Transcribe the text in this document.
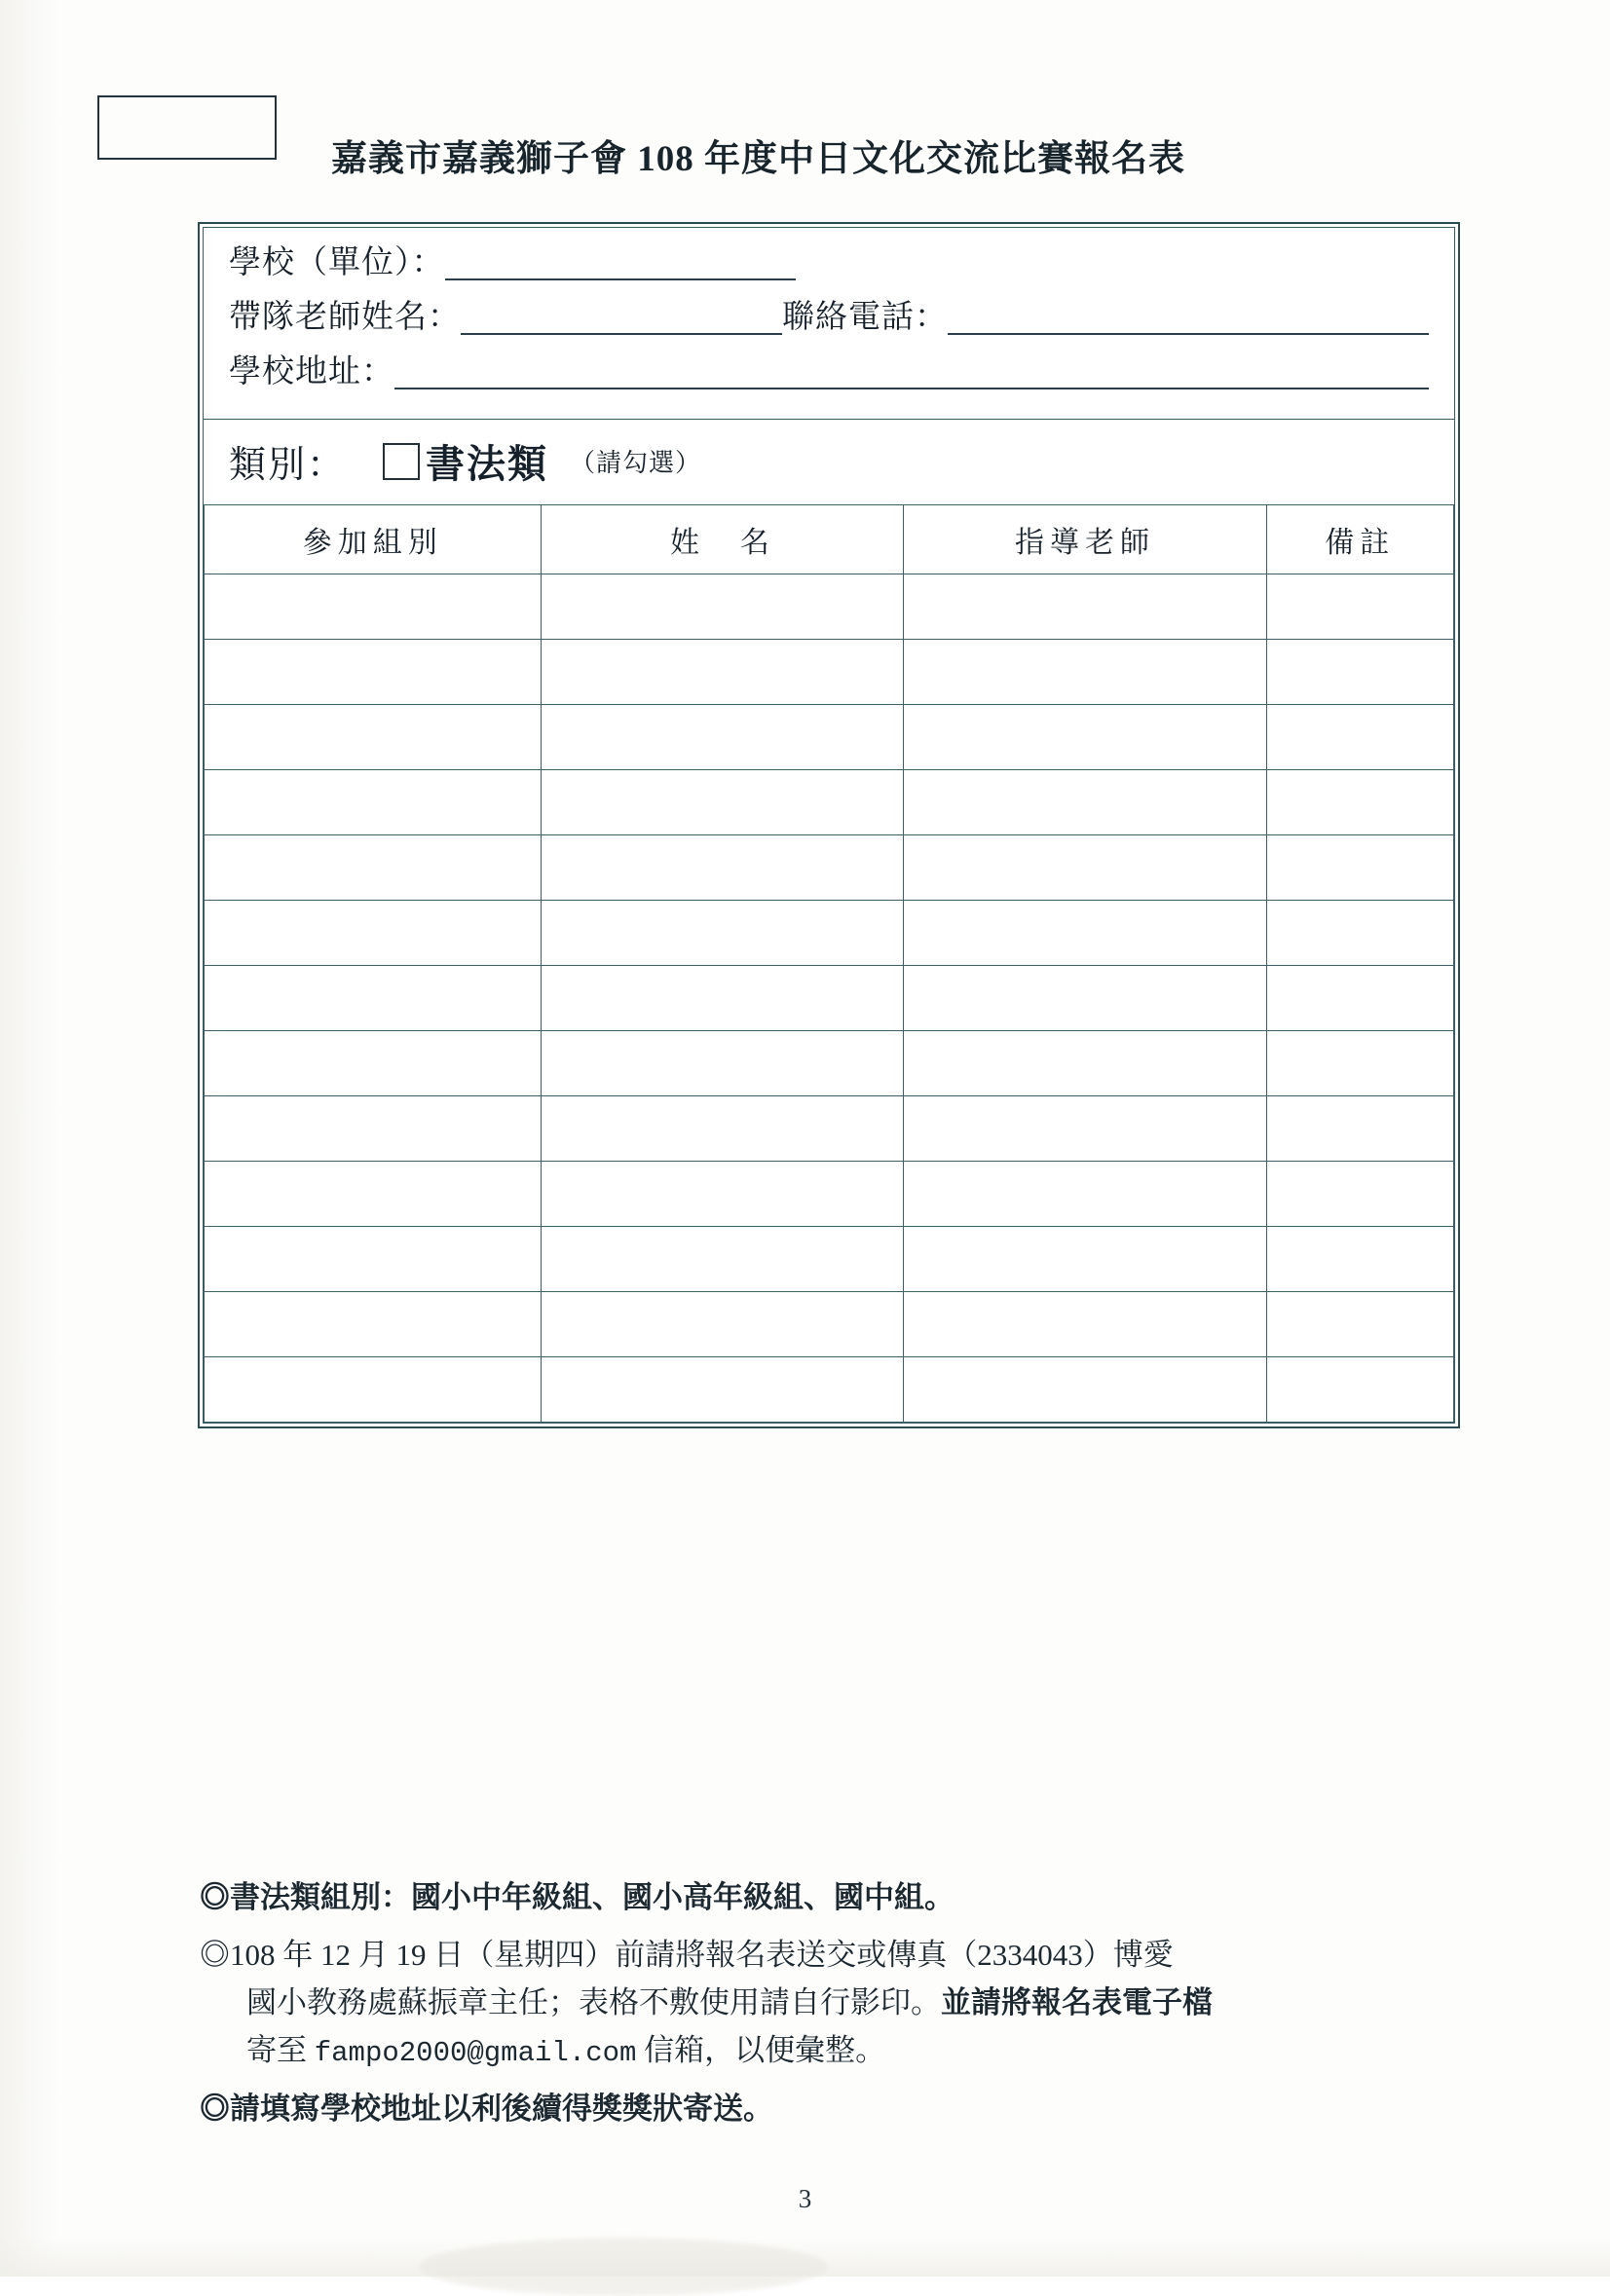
嘉義市嘉義獅子會 108 年度中日文化交流比賽報名表
學校（單位）：
帶隊老師姓名：	聯絡電話：
學校地址：
類別： 書法類 （請勾選）
參加組別	姓　名	指導老師	備註

◎書法類組別：國小中年級組、國小高年級組、國中組。
◎108 年 12 月 19 日（星期四）前請將報名表送交或傳真（2334043）博愛
國小教務處蘇振章主任；表格不敷使用請自行影印。並請將報名表電子檔
寄至 fampo2000@gmail.com 信箱，以便彙整。
◎請填寫學校地址以利後續得獎獎狀寄送。
3
